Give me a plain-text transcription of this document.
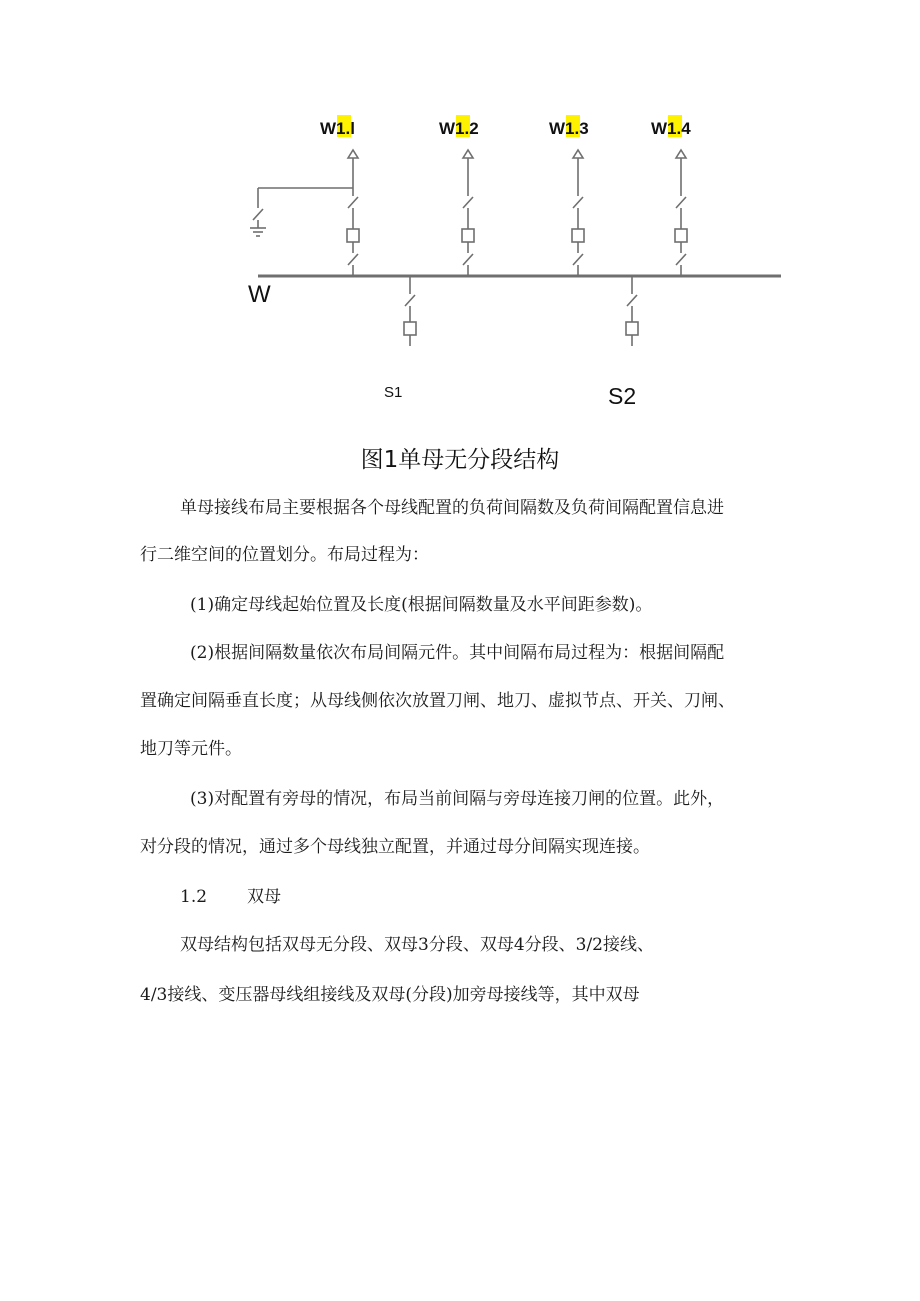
W1.l	W1.2	W1.3	W1.4
W
S1	S2
图1单母无分段结构

单母接线布局主要根据各个母线配置的负荷间隔数及负荷间隔配置信息进

行二维空间的位置划分。布局过程为：

(1)确定母线起始位置及长度(根据间隔数量及水平间距参数)。

(2)根据间隔数量依次布局间隔元件。其中间隔布局过程为：根据间隔配

置确定间隔垂直长度；从母线侧依次放置刀闸、地刀、虚拟节点、开关、刀闸、

地刀等元件。

(3)对配置有旁母的情况，布局当前间隔与旁母连接刀闸的位置。此外，

对分段的情况，通过多个母线独立配置，并通过母分间隔实现连接。

1.2 双母

双母结构包括双母无分段、双母3分段、双母4分段、3/2接线、

4/3接线、变压器母线组接线及双母(分段)加旁母接线等，其中双母
